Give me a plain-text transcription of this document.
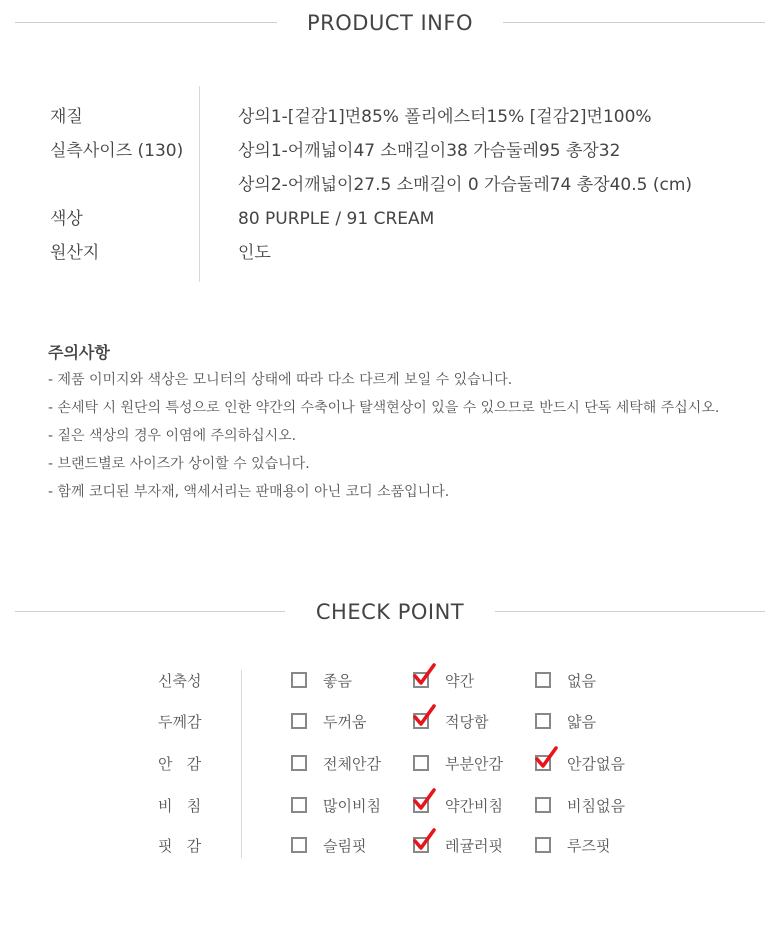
PRODUCT INFO
재질	상의1-[겉감1]면85% 폴리에스터15% [겉감2]면100%
실측사이즈 (130)	상의1-어깨넓이47 소매길이38 가슴둘레95 총장32
상의2-어깨넓이27.5 소매길이 0 가슴둘레74 총장40.5 (cm)
색상	80 PURPLE / 91 CREAM
원산지	인도
주의사항
- 제품 이미지와 색상은 모니터의 상태에 따라 다소 다르게 보일 수 있습니다.
- 손세탁 시 원단의 특성으로 인한 약간의 수축이나 탈색현상이 있을 수 있으므로 반드시 단독 세탁해 주십시오.
- 짙은 색상의 경우 이염에 주의하십시오.
- 브랜드별로 사이즈가 상이할 수 있습니다.
- 함께 코디된 부자재, 액세서리는 판매용이 아닌 코디 소품입니다.
CHECK POINT
신축성	좋음	약간	없음
두께감	두꺼움	적당함	얇음
안   감	전체안감	부분안감	안감없음
비   침	많이비침	약간비침	비침없음
핏   감	슬림핏	레귤러핏	루즈핏
